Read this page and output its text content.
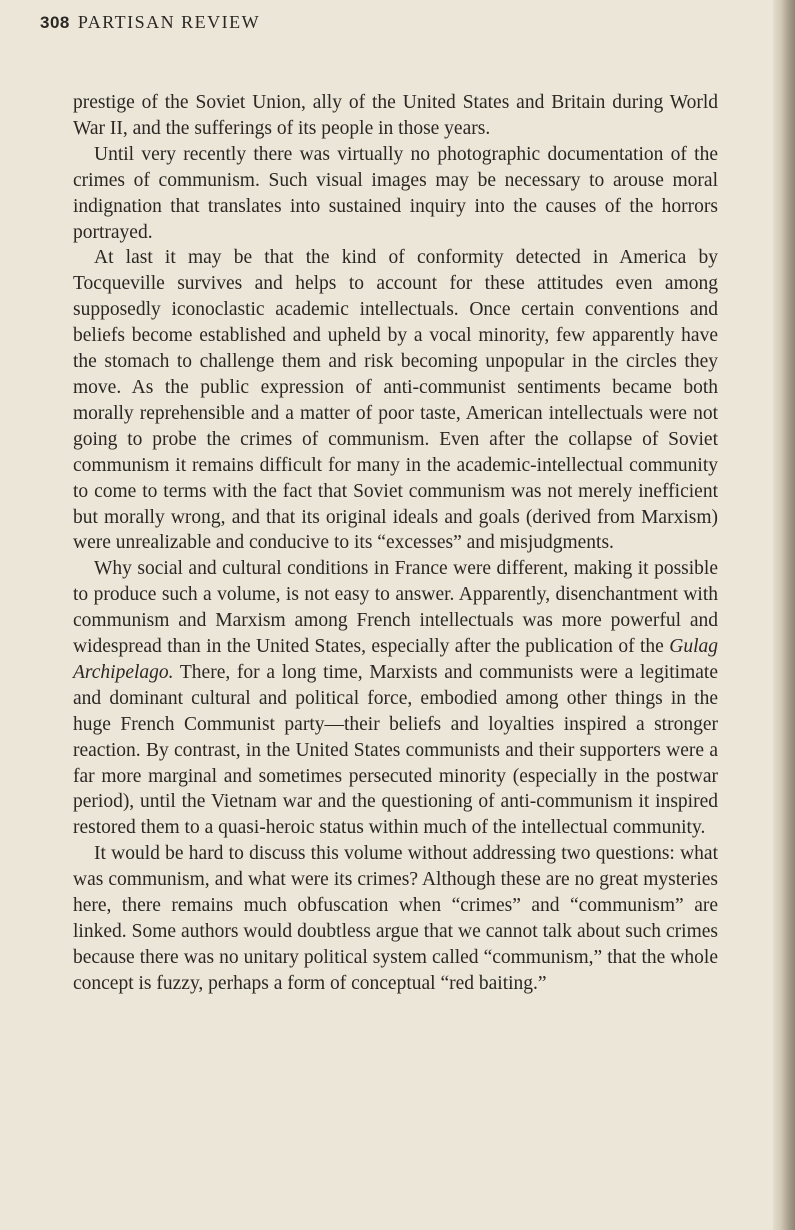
308 PARTISAN REVIEW

prestige of the Soviet Union, ally of the United States and Britain during World War II, and the sufferings of its people in those years.

Until very recently there was virtually no photographic documentation of the crimes of communism. Such visual images may be necessary to arouse moral indignation that translates into sustained inquiry into the causes of the horrors portrayed.

At last it may be that the kind of conformity detected in America by Tocqueville survives and helps to account for these attitudes even among supposedly iconoclastic academic intellectuals. Once certain conventions and beliefs become established and upheld by a vocal minority, few apparently have the stomach to challenge them and risk becoming unpopular in the circles they move. As the public expression of anti-communist sentiments became both morally reprehensible and a matter of poor taste, American intellectuals were not going to probe the crimes of communism. Even after the collapse of Soviet communism it remains difficult for many in the academic-intellectual community to come to terms with the fact that Soviet communism was not merely inefficient but morally wrong, and that its original ideals and goals (derived from Marxism) were unrealizable and conducive to its “excesses” and misjudgments.

Why social and cultural conditions in France were different, making it possible to produce such a volume, is not easy to answer. Apparently, disenchantment with communism and Marxism among French intellectuals was more powerful and widespread than in the United States, especially after the publication of the Gulag Archipelago. There, for a long time, Marxists and communists were a legitimate and dominant cultural and political force, embodied among other things in the huge French Communist party—their beliefs and loyalties inspired a stronger reaction. By contrast, in the United States communists and their supporters were a far more marginal and sometimes persecuted minority (especially in the postwar period), until the Vietnam war and the questioning of anti-communism it inspired restored them to a quasi-heroic status within much of the intellectual community.

It would be hard to discuss this volume without addressing two questions: what was communism, and what were its crimes? Although these are no great mysteries here, there remains much obfuscation when “crimes” and “communism” are linked. Some authors would doubtless argue that we cannot talk about such crimes because there was no unitary political system called “communism,” that the whole concept is fuzzy, perhaps a form of conceptual “red baiting.”
